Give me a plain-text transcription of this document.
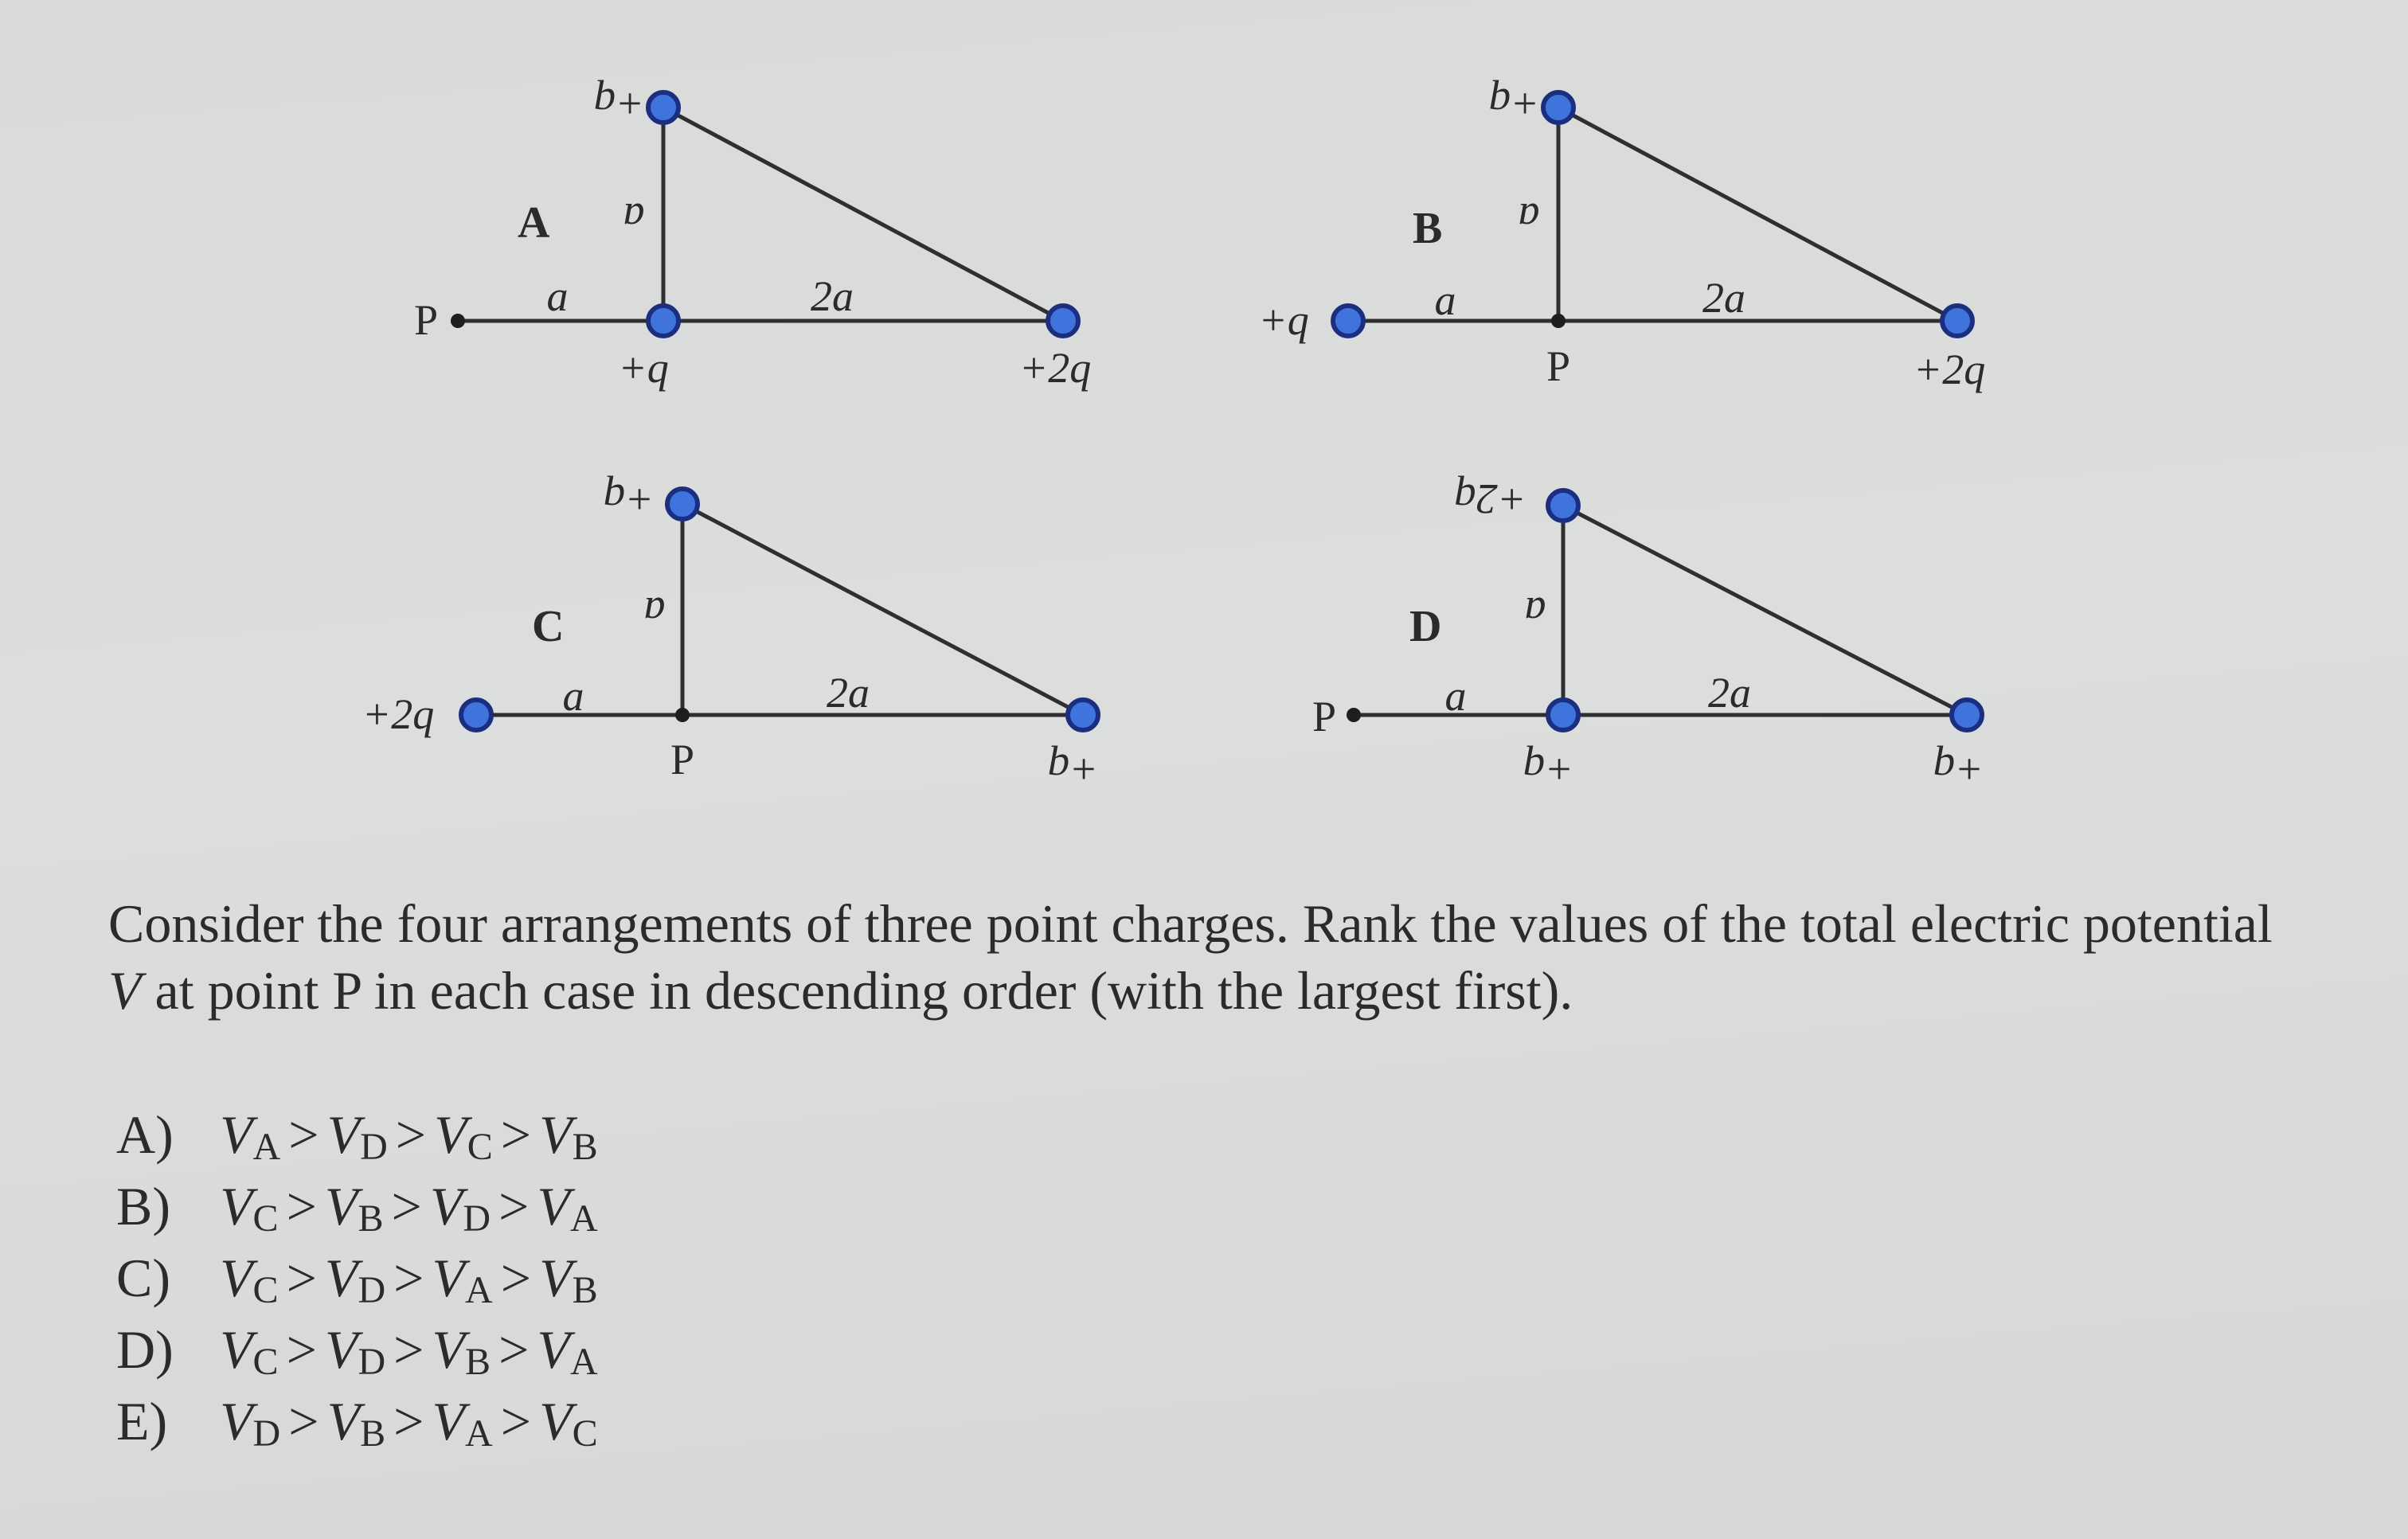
A
+q
a
P	a	2a
+q	+2q
B
+q
a
+q	a	2a
P	+2q
C
+q
a
+2q	a	2a
P	+q
D
+2q
a
P	a	2a
+q	+q

Consider the four arrangements of three point charges. Rank the values of the total electric potential V at point P in each case in descending order (with the largest first).

A) $V_A > V_D > V_C > V_B$
B) $V_C > V_B > V_D > V_A$
C) $V_C > V_D > V_A > V_B$
D) $V_C > V_D > V_B > V_A$
E) $V_D > V_B > V_A > V_C$
